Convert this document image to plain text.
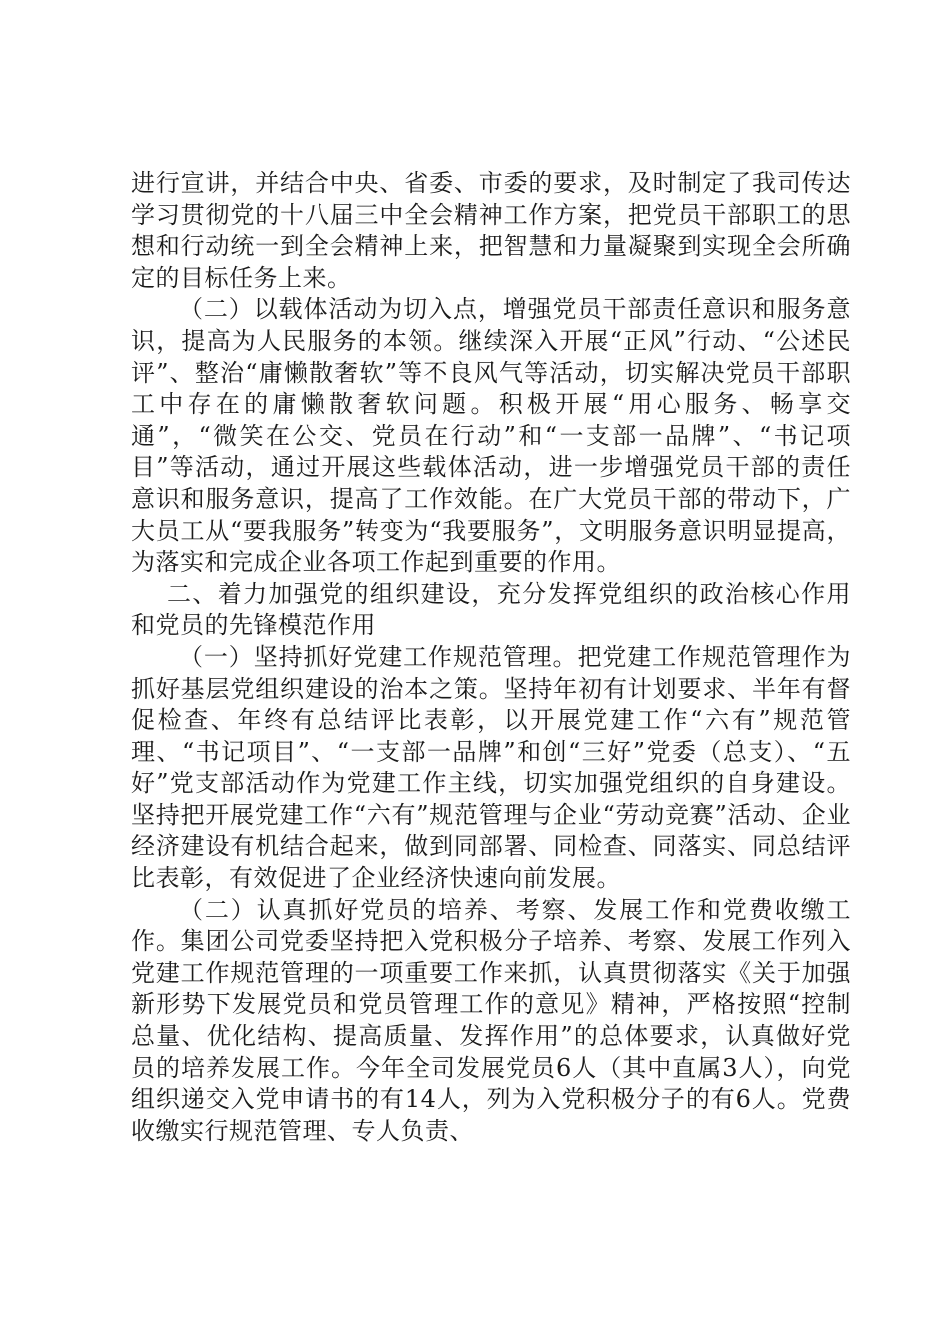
进行宣讲，并结合中央、省委、市委的要求，及时制定了我司传达学习贯彻党的十八届三中全会精神工作方案，把党员干部职工的思想和行动统一到全会精神上来，把智慧和力量凝聚到实现全会所确定的目标任务上来。

（二）以载体活动为切入点，增强党员干部责任意识和服务意识，提高为人民服务的本领。继续深入开展“正风”行动、“公述民评”、整治“庸懒散奢软”等不良风气等活动，切实解决党员干部职工中存在的庸懒散奢软问题。积极开展“用心服务、畅享交通”，“微笑在公交、党员在行动”和“一支部一品牌”、“书记项目”等活动，通过开展这些载体活动，进一步增强党员干部的责任意识和服务意识，提高了工作效能。在广大党员干部的带动下，广大员工从“要我服务”转变为“我要服务”，文明服务意识明显提高，为落实和完成企业各项工作起到重要的作用。

二、着力加强党的组织建设，充分发挥党组织的政治核心作用和党员的先锋模范作用

（一）坚持抓好党建工作规范管理。把党建工作规范管理作为抓好基层党组织建设的治本之策。坚持年初有计划要求、半年有督促检查、年终有总结评比表彰，以开展党建工作“六有”规范管理、“书记项目”、“一支部一品牌”和创“三好”党委（总支）、“五好”党支部活动作为党建工作主线，切实加强党组织的自身建设。坚持把开展党建工作“六有”规范管理与企业“劳动竞赛”活动、企业经济建设有机结合起来，做到同部署、同检查、同落实、同总结评比表彰，有效促进了企业经济快速向前发展。

（二）认真抓好党员的培养、考察、发展工作和党费收缴工作。集团公司党委坚持把入党积极分子培养、考察、发展工作列入党建工作规范管理的一项重要工作来抓，认真贯彻落实《关于加强新形势下发展党员和党员管理工作的意见》精神，严格按照“控制总量、优化结构、提高质量、发挥作用”的总体要求，认真做好党员的培养发展工作。今年全司发展党员6人（其中直属3人），向党组织递交入党申请书的有14人，列为入党积极分子的有6人。党费收缴实行规范管理、专人负责、
